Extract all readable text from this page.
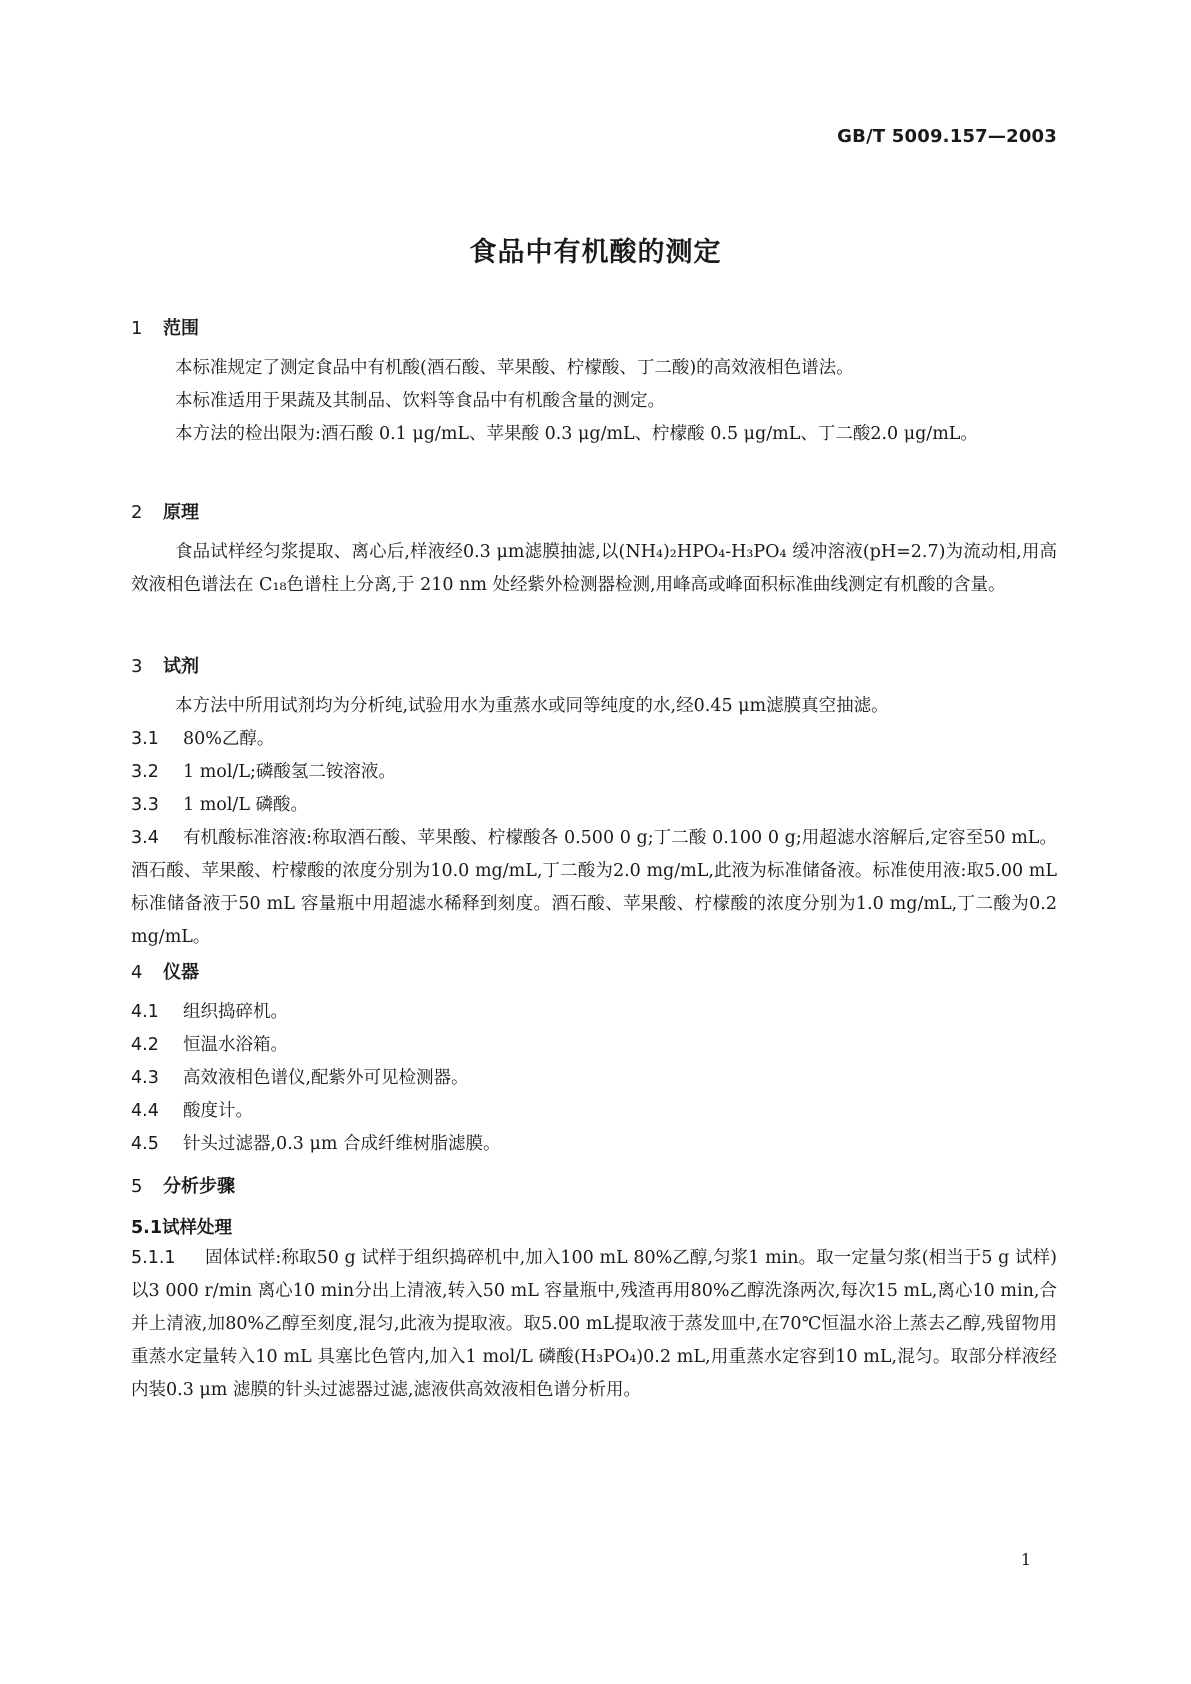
GB/T 5009.157—2003
食品中有机酸的测定
1 范围

本标准规定了测定食品中有机酸(酒石酸、苹果酸、柠檬酸、丁二酸)的高效液相色谱法。

本标准适用于果蔬及其制品、饮料等食品中有机酸含量的测定。

本方法的检出限为:酒石酸 0.1 μg/mL、苹果酸 0.3 μg/mL、柠檬酸 0.5 μg/mL、丁二酸2.0 μg/mL。

2 原理

食品试样经匀浆提取、离心后,样液经0.3 μm滤膜抽滤,以(NH₄)₂HPO₄-H₃PO₄ 缓冲溶液(pH=2.7)为流动相,用高效液相色谱法在 C₁₈色谱柱上分离,于 210 nm 处经紫外检测器检测,用峰高或峰面积标准曲线测定有机酸的含量。

3 试剂

本方法中所用试剂均为分析纯,试验用水为重蒸水或同等纯度的水,经0.45 μm滤膜真空抽滤。

3.1 80%乙醇。

3.2 1 mol/L;磷酸氢二铵溶液。

3.3 1 mol/L 磷酸。

3.4 有机酸标准溶液:称取酒石酸、苹果酸、柠檬酸各 0.500 0 g;丁二酸 0.100 0 g;用超滤水溶解后,定容至50 mL。酒石酸、苹果酸、柠檬酸的浓度分别为10.0 mg/mL,丁二酸为2.0 mg/mL,此液为标准储备液。标准使用液:取5.00 mL 标准储备液于50 mL 容量瓶中用超滤水稀释到刻度。酒石酸、苹果酸、柠檬酸的浓度分别为1.0 mg/mL,丁二酸为0.2 mg/mL。

4 仪器

4.1 组织捣碎机。

4.2 恒温水浴箱。

4.3 高效液相色谱仪,配紫外可见检测器。

4.4 酸度计。

4.5 针头过滤器,0.3 μm 合成纤维树脂滤膜。

5 分析步骤
5.1试样处理

5.1.1 固体试样:称取50 g 试样于组织捣碎机中,加入100 mL 80%乙醇,匀浆1 min。取一定量匀浆(相当于5 g 试样)以3 000 r/min 离心10 min分出上清液,转入50 mL 容量瓶中,残渣再用80%乙醇洗涤两次,每次15 mL,离心10 min,合并上清液,加80%乙醇至刻度,混匀,此液为提取液。取5.00 mL提取液于蒸发皿中,在70℃恒温水浴上蒸去乙醇,残留物用重蒸水定量转入10 mL 具塞比色管内,加入1 mol/L 磷酸(H₃PO₄)0.2 mL,用重蒸水定容到10 mL,混匀。取部分样液经内装0.3 μm 滤膜的针头过滤器过滤,滤液供高效液相色谱分析用。

1
